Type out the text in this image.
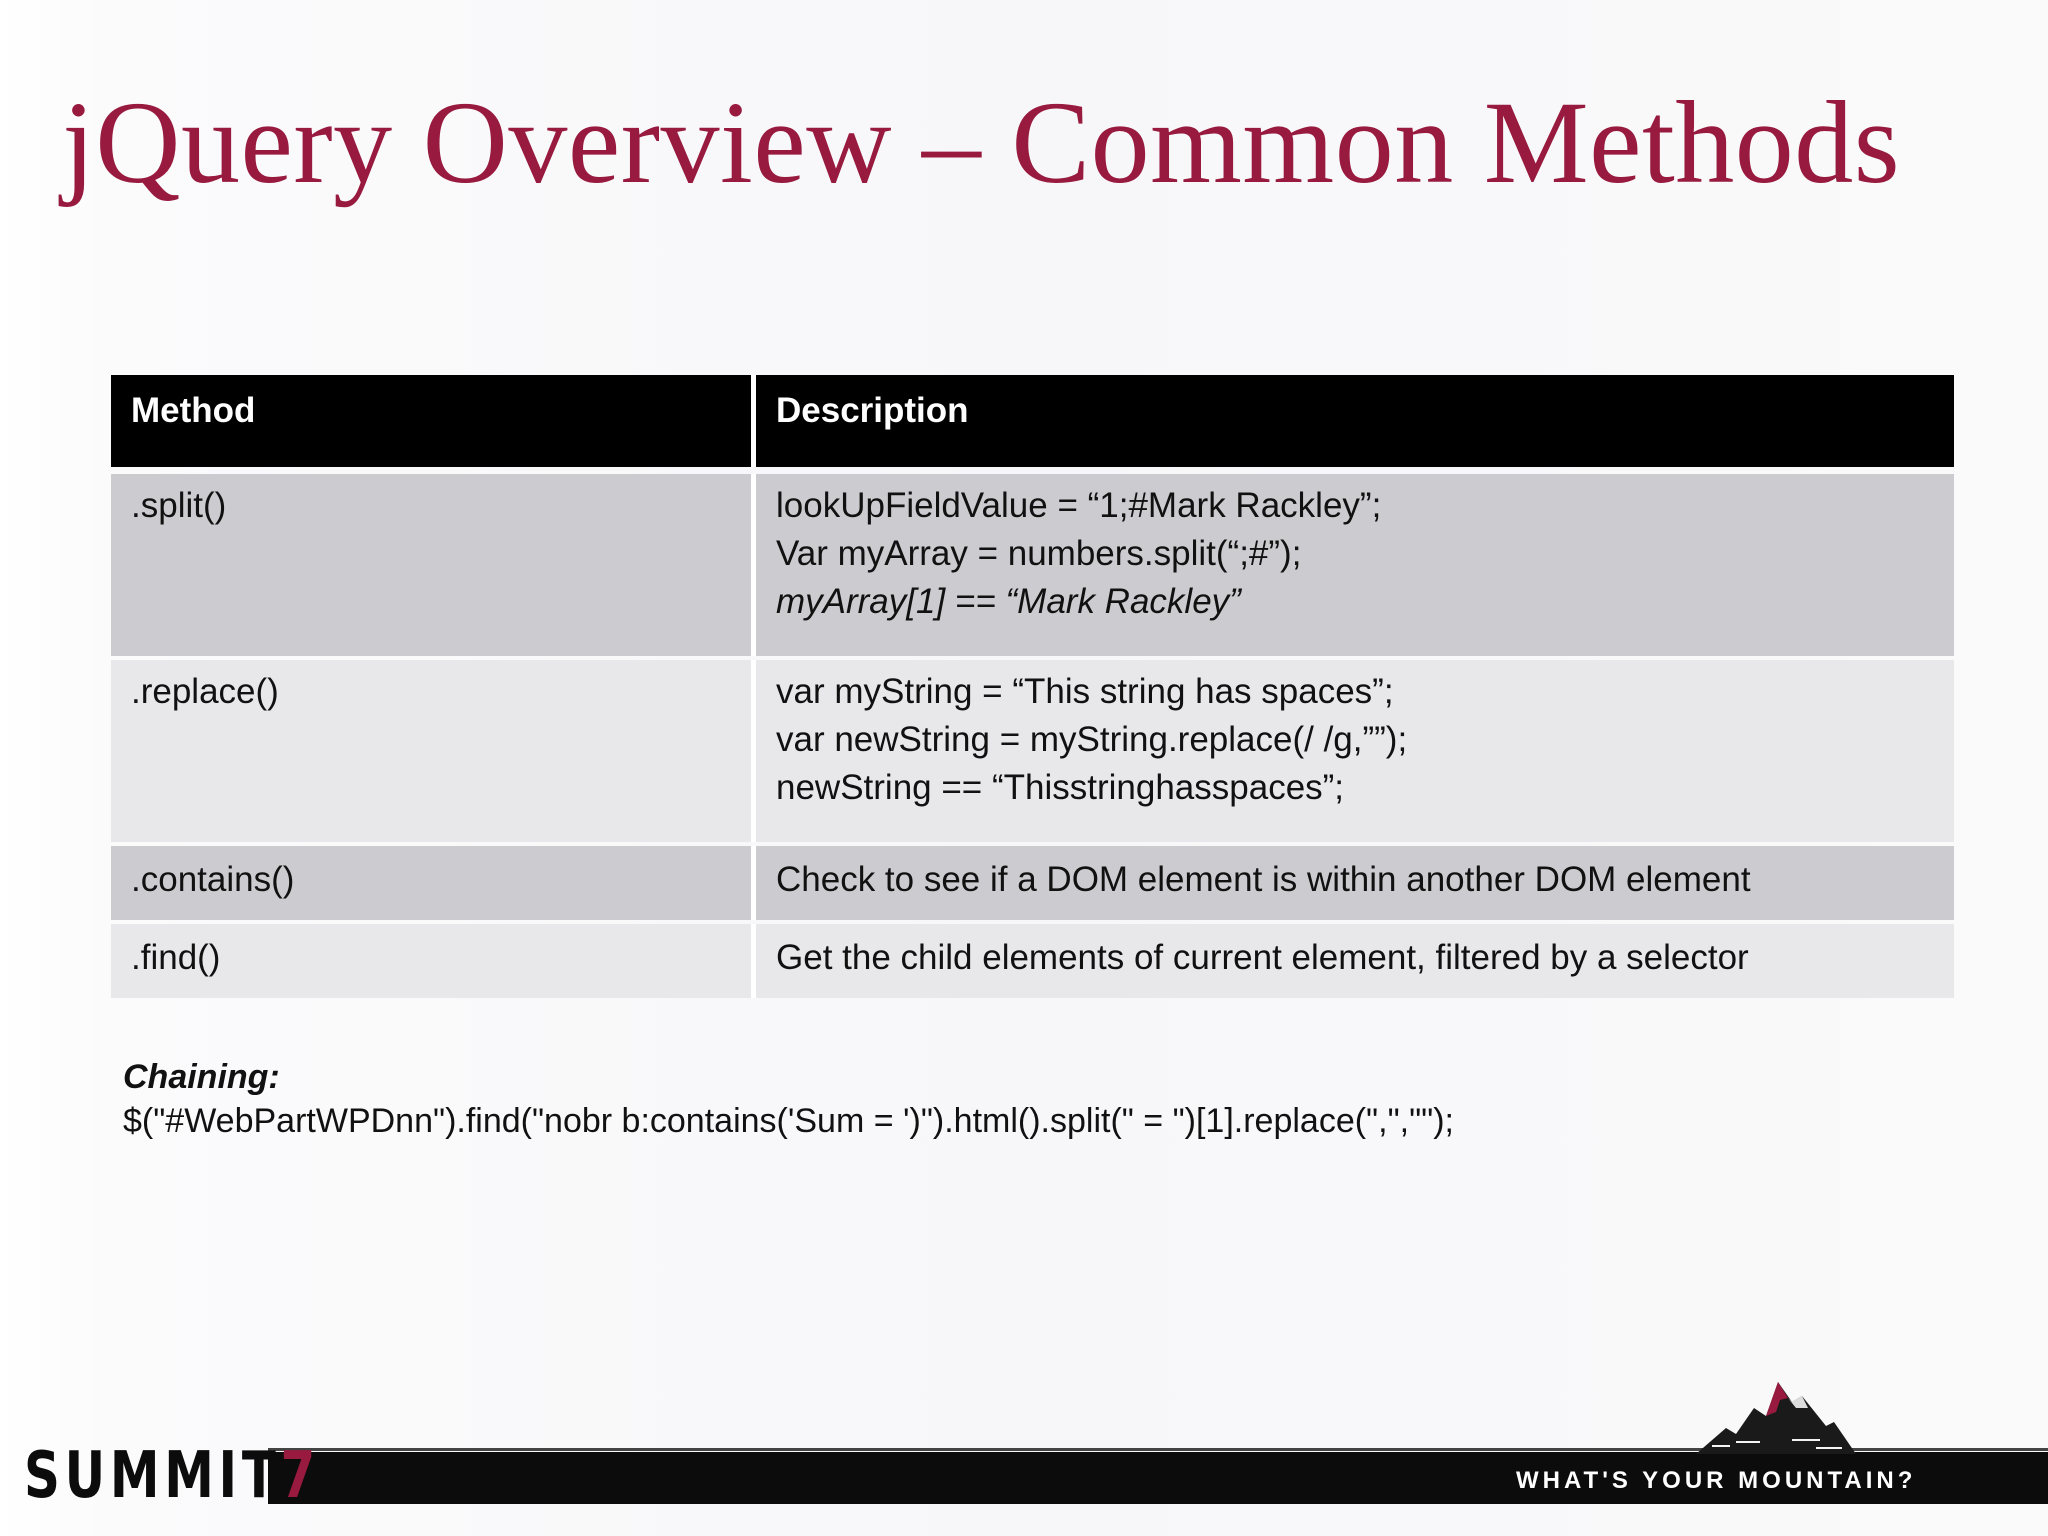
jQuery Overview – Common Methods
Method	Description
.split()	lookUpFieldValue = “1;#Mark Rackley”;
Var myArray = numbers.split(“;#”);
myArray[1] == “Mark Rackley”
.replace()	var myString = “This string has spaces”;
var newString = myString.replace(/ /g,””);
newString == “Thisstringhasspaces”;
.contains()	Check to see if a DOM element is within another DOM element
.find()	Get the child elements of current element, filtered by a selector
Chaining:
$("#WebPartWPDnn").find("nobr b:contains('Sum = ')").html().split(" = ")[1].replace(",","");
SUMMIT7	WHAT'S YOUR MOUNTAIN?
